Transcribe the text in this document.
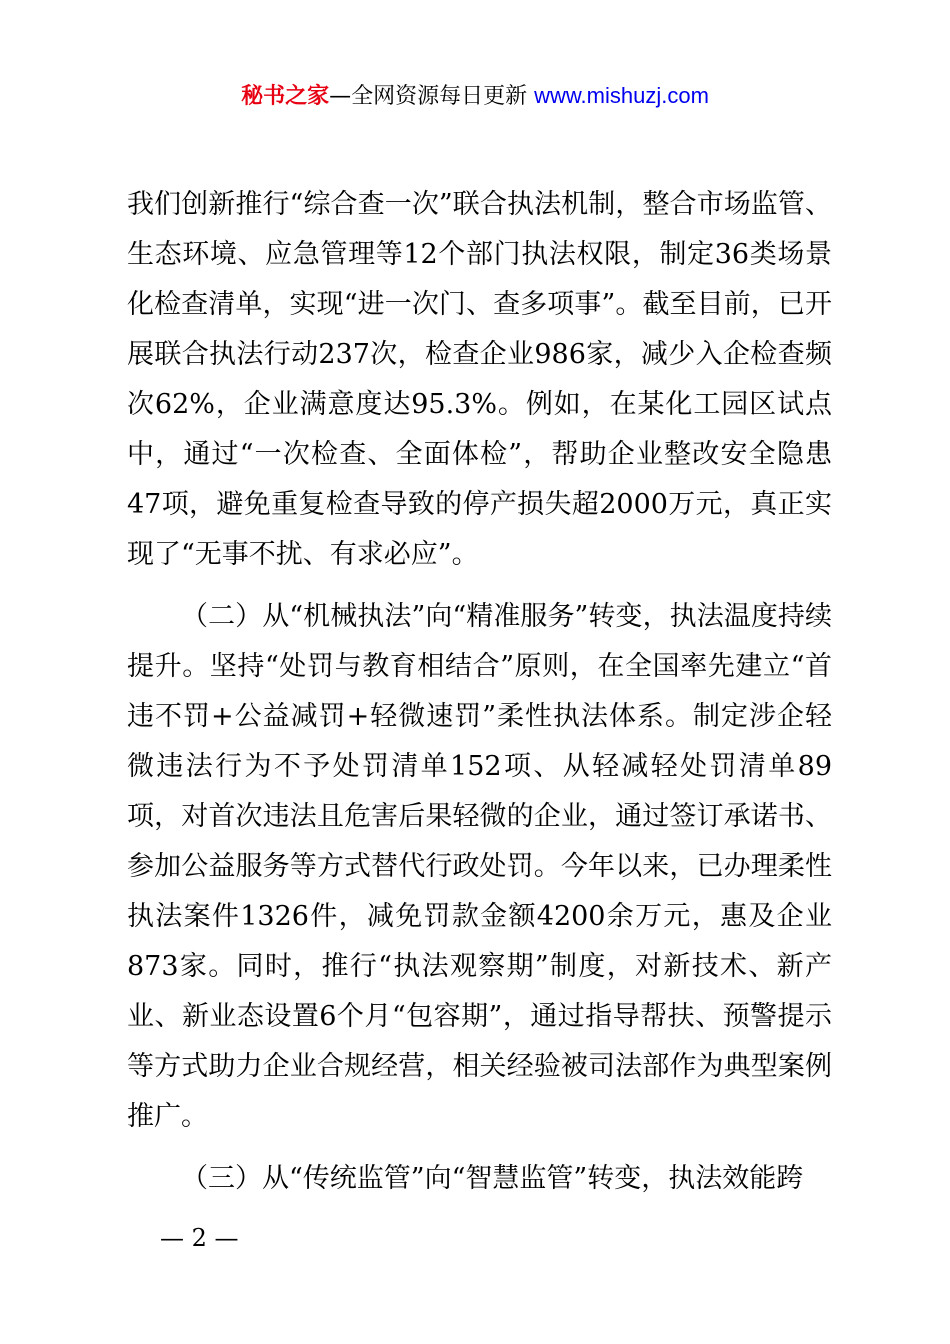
秘书之家—全网资源每日更新 www.mishuzj.com

我们创新推行“综合查一次”联合执法机制，整合市场监管、生态环境、应急管理等12个部门执法权限，制定36类场景化检查清单，实现“进一次门、查多项事”。截至目前，已开展联合执法行动237次，检查企业986家，减少入企检查频次62%，企业满意度达95.3%。例如，在某化工园区试点中，通过“一次检查、全面体检”，帮助企业整改安全隐患47项，避免重复检查导致的停产损失超2000万元，真正实现了“无事不扰、有求必应”。

（二）从“机械执法”向“精准服务”转变，执法温度持续提升。坚持“处罚与教育相结合”原则，在全国率先建立“首违不罚+公益减罚+轻微速罚”柔性执法体系。制定涉企轻微违法行为不予处罚清单152项、从轻减轻处罚清单89项，对首次违法且危害后果轻微的企业，通过签订承诺书、参加公益服务等方式替代行政处罚。今年以来，已办理柔性执法案件1326件，减免罚款金额4200余万元，惠及企业873家。同时，推行“执法观察期”制度，对新技术、新产业、新业态设置6个月“包容期”，通过指导帮扶、预警提示等方式助力企业合规经营，相关经验被司法部作为典型案例推广。

（三）从“传统监管”向“智慧监管”转变，执法效能跨

— 2 —
